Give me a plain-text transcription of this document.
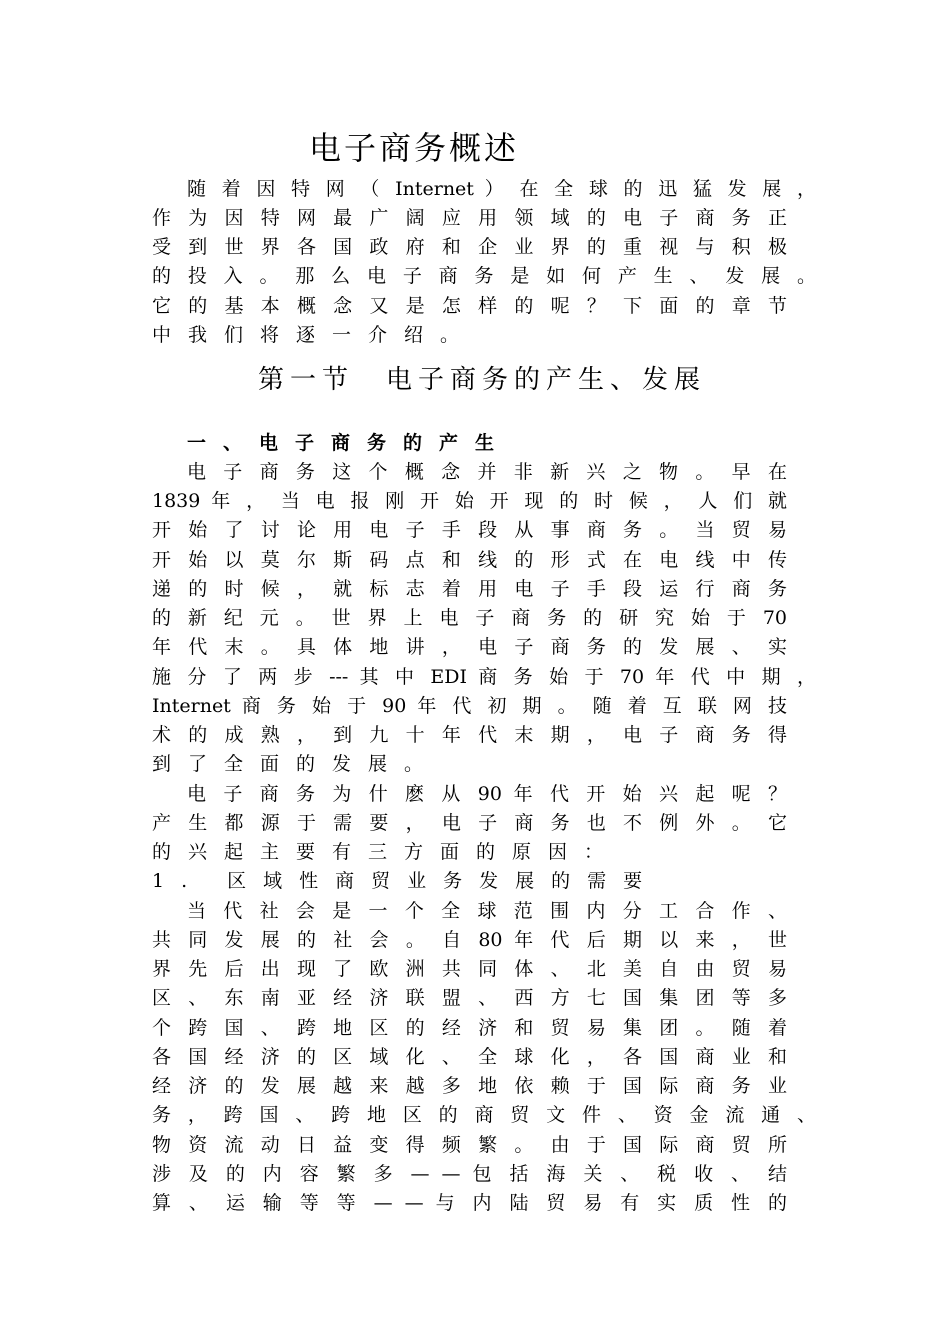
电子商务概述
随 着 因 特 网 （ Internet ） 在 全 球 的 迅 猛 发 展 ，
作 为 因 特 网 最 广 阔 应 用 领 域 的 电 子 商 务 正
受 到 世 界 各 国 政 府 和 企 业 界 的 重 视 与 积 极
的 投 入 。 那 么 电 子 商 务 是 如 何 产 生 、 发 展 。
它 的 基 本 概 念 又 是 怎 样 的 呢 ？ 下 面 的 章 节
中我们将逐一介绍。
第一节　电子商务的产生、发展
一、电子商务的产生
电 子 商 务 这 个 概 念 并 非 新 兴 之 物 。 早 在
1839 年 ， 当 电 报 刚 开 始 开 现 的 时 候 ， 人 们 就
开 始 了 讨 论 用 电 子 手 段 从 事 商 务 。 当 贸 易
开 始 以 莫 尔 斯 码 点 和 线 的 形 式 在 电 线 中 传
递 的 时 候 ， 就 标 志 着 用 电 子 手 段 运 行 商 务
的 新 纪 元 。 世 界 上 电 子 商 务 的 研 究 始 于 70
年 代 末 。 具 体 地 讲 ， 电 子 商 务 的 发 展 、 实
施 分 了 两 步 --- 其 中 EDI 商 务 始 于 70 年 代 中 期 ，
Internet 商 务 始 于 90 年 代 初 期 。 随 着 互 联 网 技
术 的 成 熟 ， 到 九 十 年 代 末 期 ， 电 子 商 务 得
到了全面的发展。
电 子 商 务 为 什 麽 从 90 年 代 开 始 兴 起 呢 ？
产 生 都 源 于 需 要 ， 电 子 商 务 也 不 例 外 。 它
的兴起主要有三方面的原因：
1. 区域性商贸业务发展的需要
当 代 社 会 是 一 个 全 球 范 围 内 分 工 合 作 、
共 同 发 展 的 社 会 。 自 80 年 代 后 期 以 来 ， 世
界 先 后 出 现 了 欧 洲 共 同 体 、 北 美 自 由 贸 易
区 、 东 南 亚 经 济 联 盟 、 西 方 七 国 集 团 等 多
个 跨 国 、 跨 地 区 的 经 济 和 贸 易 集 团 。 随 着
各 国 经 济 的 区 域 化 、 全 球 化 ， 各 国 商 业 和
经 济 的 发 展 越 来 越 多 地 依 赖 于 国 际 商 务 业
务 ， 跨 国 、 跨 地 区 的 商 贸 文 件 、 资 金 流 通 、
物 资 流 动 日 益 变 得 频 繁 。 由 于 国 际 商 贸 所
涉 及 的 内 容 繁 多 — — 包 括 海 关 、 税 收 、 结
算 、 运 输 等 等 — — 与 内 陆 贸 易 有 实 质 性 的
